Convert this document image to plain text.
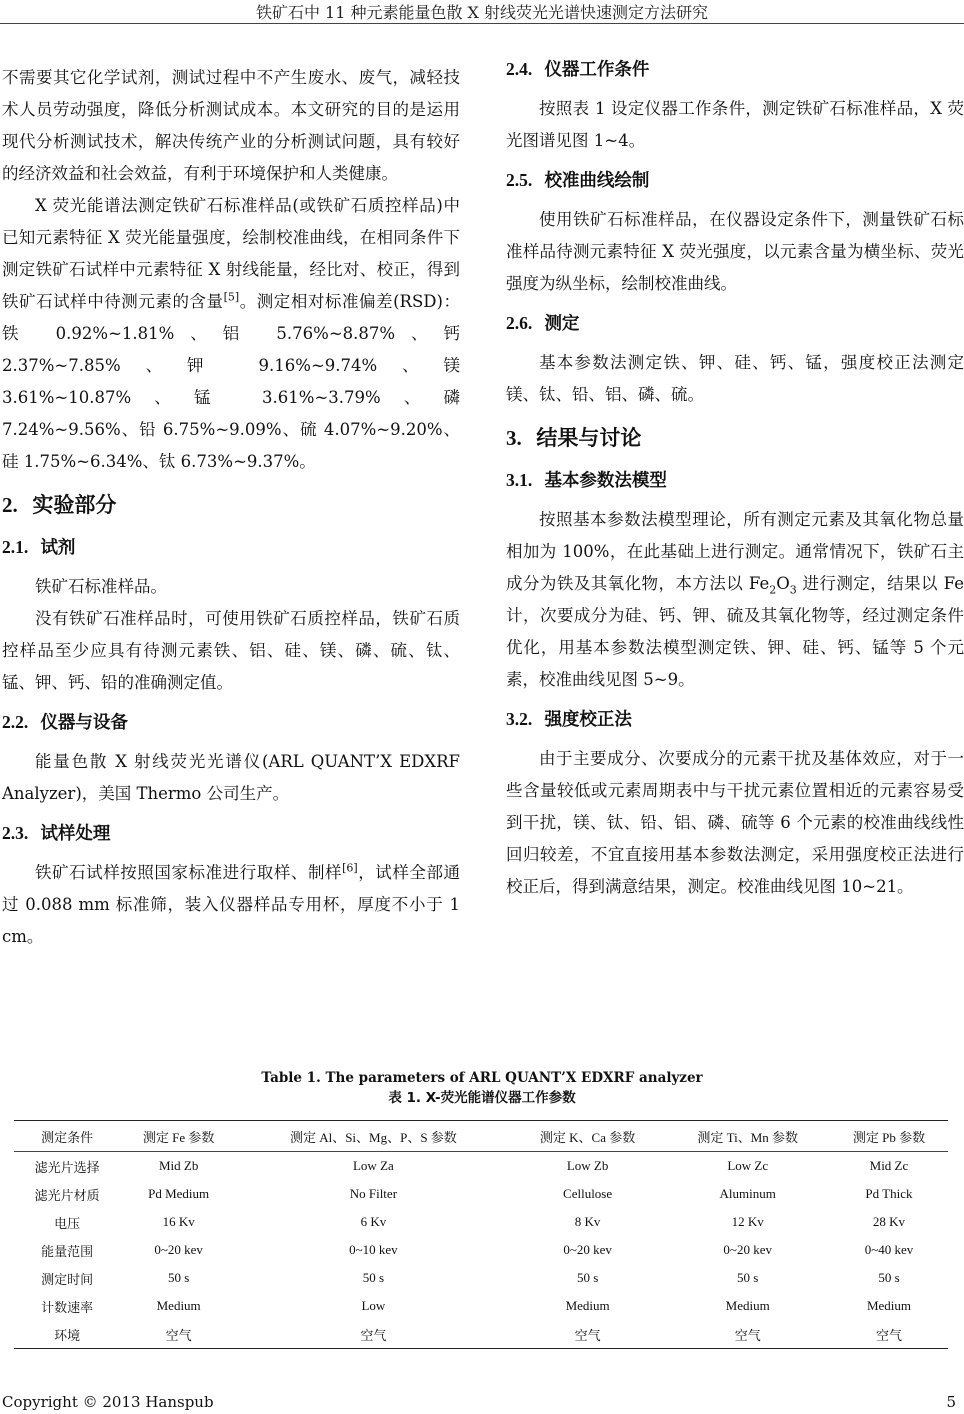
铁矿石中 11 种元素能量色散 X 射线荧光光谱快速测定方法研究

不需要其它化学试剂，测试过程中不产生废水、废气，减轻技术人员劳动强度，降低分析测试成本。本文研究的目的是运用现代分析测试技术，解决传统产业的分析测试问题，具有较好的经济效益和社会效益，有利于环境保护和人类健康。

X 荧光能谱法测定铁矿石标准样品(或铁矿石质控样品)中已知元素特征 X 荧光能量强度，绘制校准曲线，在相同条件下测定铁矿石试样中元素特征 X 射线能量，经比对、校正，得到铁矿石试样中待测元素的含量[5]。测定相对标准偏差(RSD)：铁 0.92%~1.81%、铝 5.76%~8.87%、钙 2.37%~7.85%、钾 9.16%~9.74%、镁 3.61%~10.87%、锰 3.61%~3.79%、磷 7.24%~9.56%、铅 6.75%~9.09%、硫 4.07%~9.20%、硅 1.75%~6.34%、钛 6.73%~9.37%。

2. 实验部分
2.1. 试剂

铁矿石标准样品。

没有铁矿石准样品时，可使用铁矿石质控样品，铁矿石质控样品至少应具有待测元素铁、铝、硅、镁、磷、硫、钛、锰、钾、钙、铅的准确测定值。

2.2. 仪器与设备

能量色散 X 射线荧光光谱仪(ARL QUANT’X EDXRF Analyzer)，美国 Thermo 公司生产。

2.3. 试样处理

铁矿石试样按照国家标准进行取样、制样[6]，试样全部通过 0.088 mm 标准筛，装入仪器样品专用杯，厚度不小于 1 cm。

2.4. 仪器工作条件

按照表 1 设定仪器工作条件，测定铁矿石标准样品，X 荧光图谱见图 1~4。

2.5. 校准曲线绘制

使用铁矿石标准样品，在仪器设定条件下，测量铁矿石标准样品待测元素特征 X 荧光强度，以元素含量为横坐标、荧光强度为纵坐标，绘制校准曲线。

2.6. 测定

基本参数法测定铁、钾、硅、钙、锰，强度校正法测定镁、钛、铅、铝、磷、硫。

3. 结果与讨论
3.1. 基本参数法模型

按照基本参数法模型理论，所有测定元素及其氧化物总量相加为 100%，在此基础上进行测定。通常情况下，铁矿石主成分为铁及其氧化物，本方法以 $Fe_2O_3$ 进行测定，结果以 Fe 计，次要成分为硅、钙、钾、硫及其氧化物等，经过测定条件优化，用基本参数法模型测定铁、钾、硅、钙、锰等 5 个元素，校准曲线见图 5~9。

3.2. 强度校正法

由于主要成分、次要成分的元素干扰及基体效应，对于一些含量较低或元素周期表中与干扰元素位置相近的元素容易受到干扰，镁、钛、铅、铝、磷、硫等 6 个元素的校准曲线线性回归较差，不宜直接用基本参数法测定，采用强度校正法进行校正后，得到满意结果，测定。校准曲线见图 10~21。

Table 1. The parameters of ARL QUANT’X EDXRF analyzer
表 1. X-荧光能谱仪器工作参数
测定条件	测定 Fe 参数	测定 Al、Si、Mg、P、S 参数	测定 K、Ca 参数	测定 Ti、Mn 参数	测定 Pb 参数
滤光片选择	Mid Zb	Low Za	Low Zb	Low Zc	Mid Zc
滤光片材质	Pd Medium	No Filter	Cellulose	Aluminum	Pd Thick
电压	16 Kv	6 Kv	8 Kv	12 Kv	28 Kv
能量范围	0~20 kev	0~10 kev	0~20 kev	0~20 kev	0~40 kev
测定时间	50 s	50 s	50 s	50 s	50 s
计数速率	Medium	Low	Medium	Medium	Medium
环境	空气	空气	空气	空气	空气
Copyright © 2013 Hanspub	5
